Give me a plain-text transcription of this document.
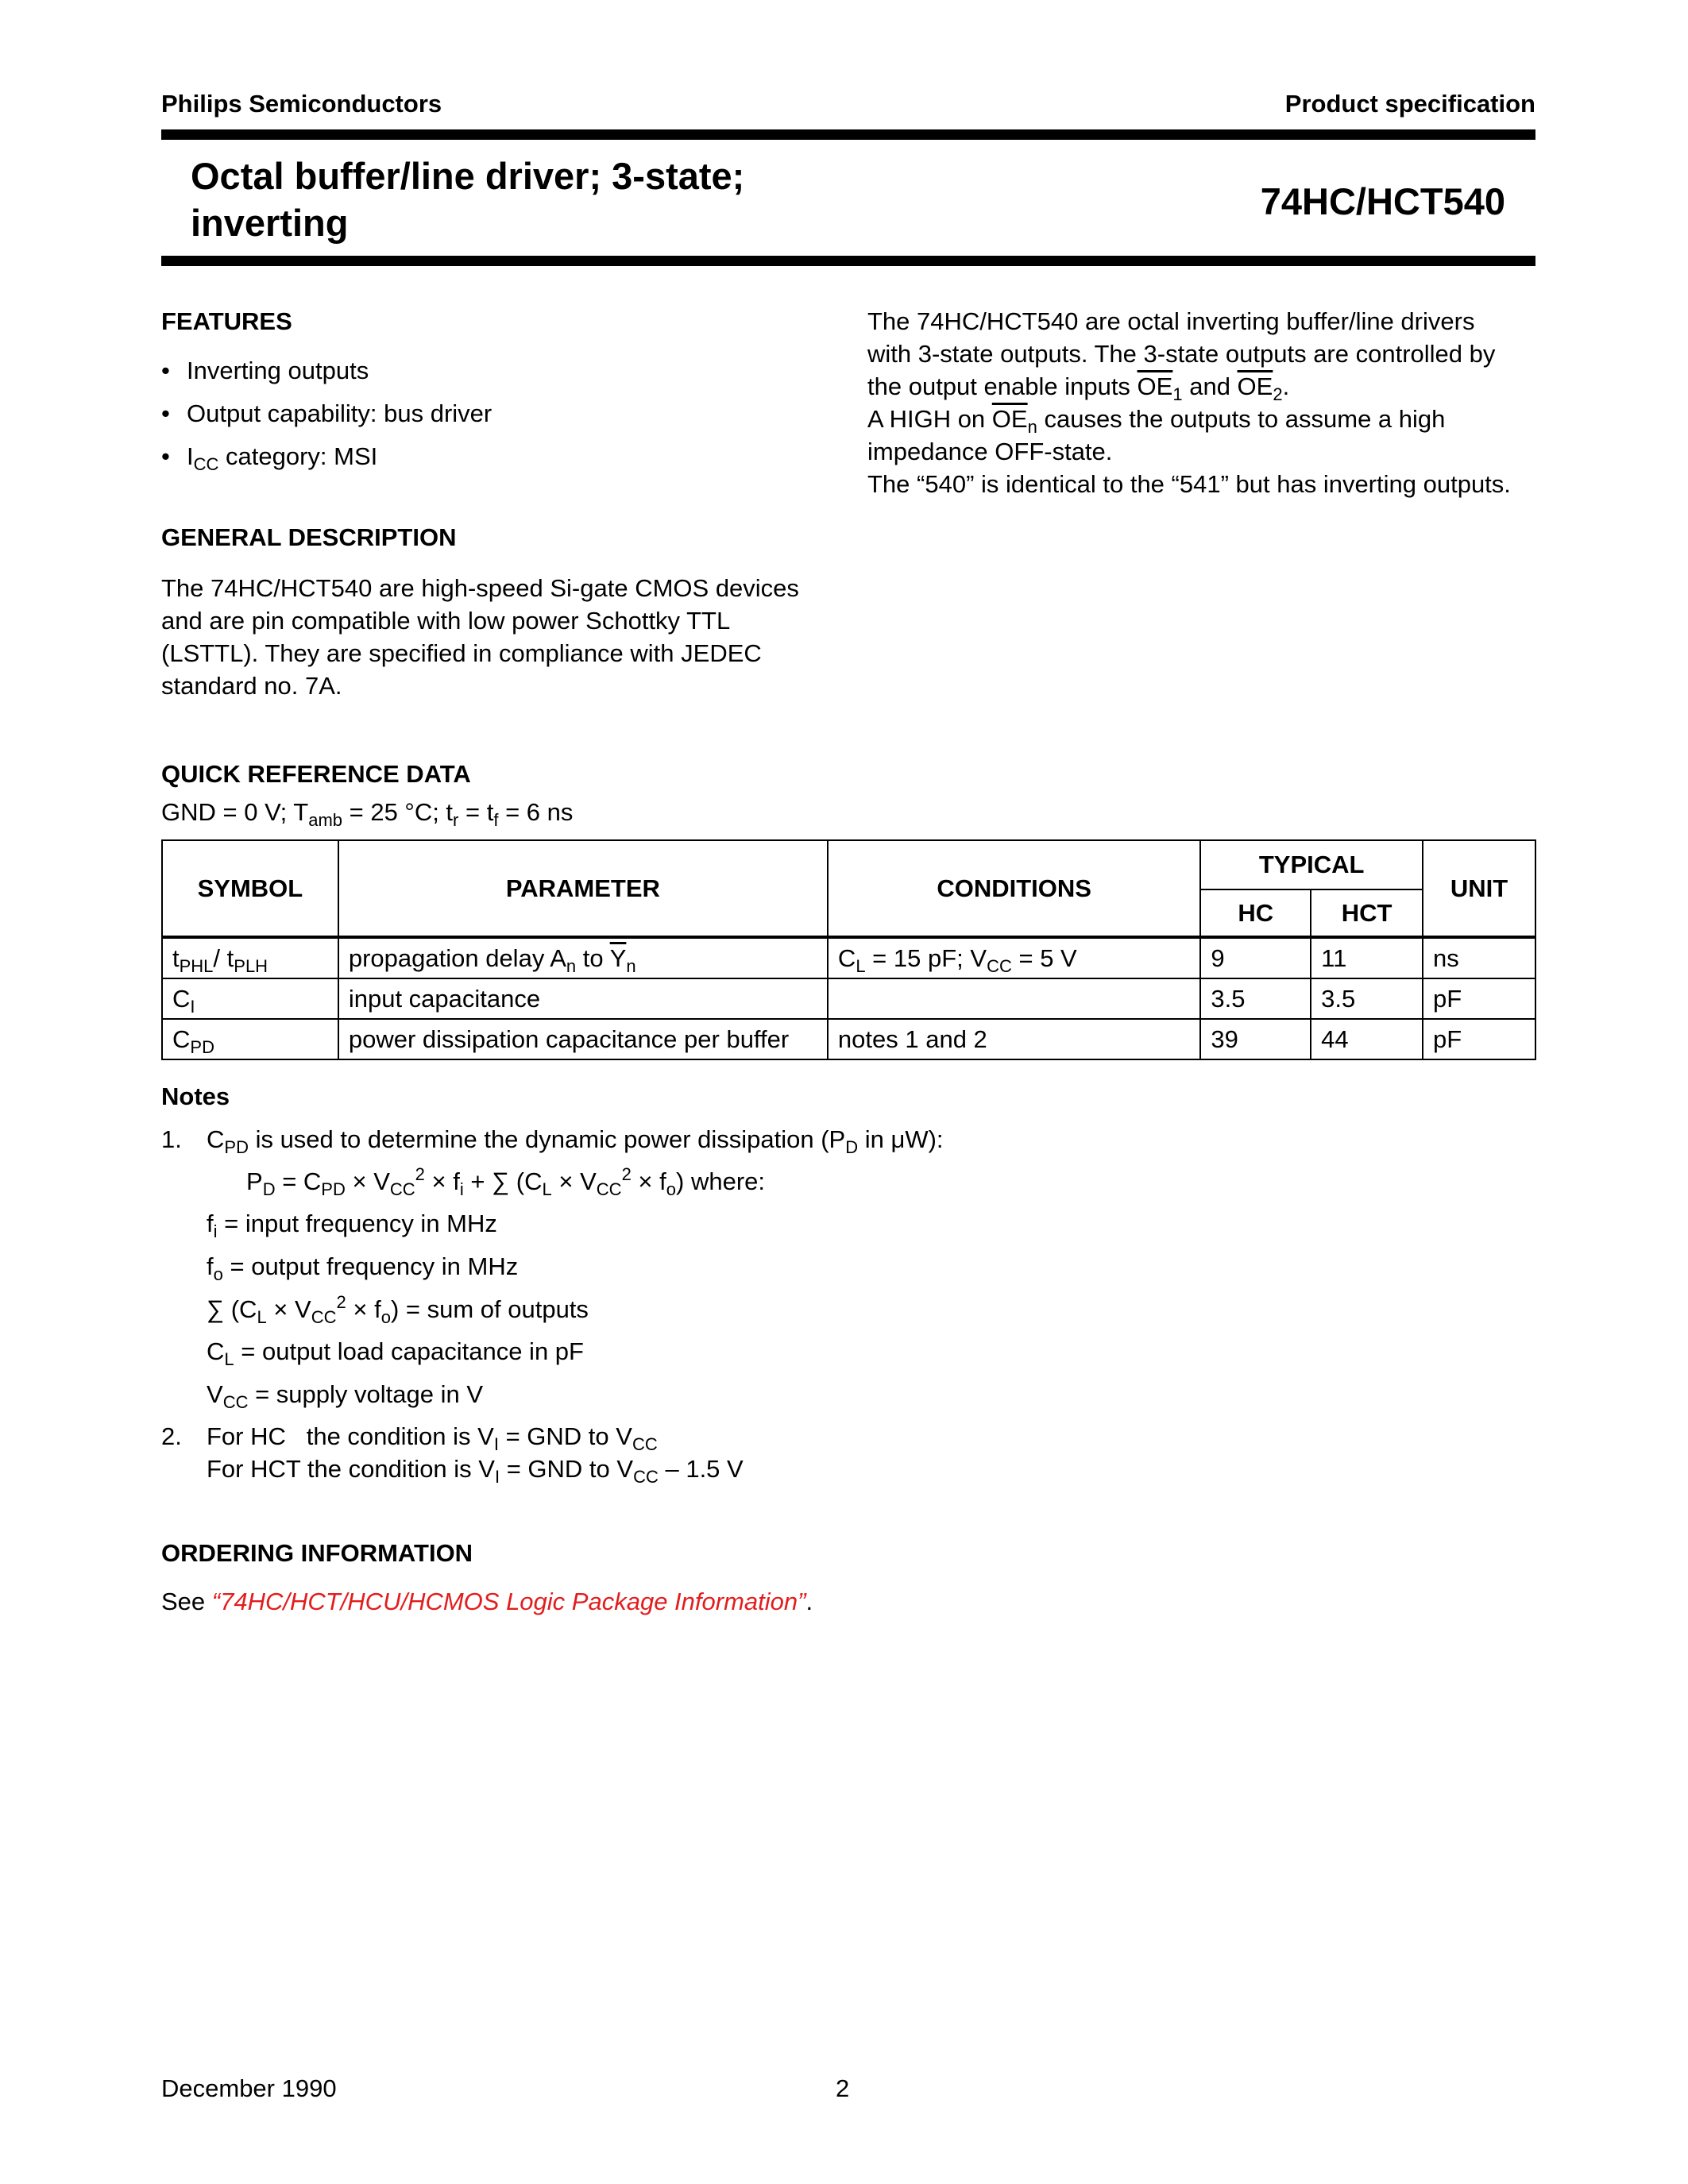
Philips Semiconductors	Product specification
Octal buffer/line driver; 3-state;
inverting
74HC/HCT540
FEATURES
• Inverting outputs
• Output capability: bus driver
• $I_{CC}$ category: MSI
GENERAL DESCRIPTION
The 74HC/HCT540 are high-speed Si-gate CMOS devices
and are pin compatible with low power Schottky TTL
(LSTTL). They are specified in compliance with JEDEC
standard no. 7A.
The 74HC/HCT540 are octal inverting buffer/line drivers
with 3-state outputs. The 3-state outputs are controlled by
the output enable inputs $\overline{OE}_1$ and $\overline{OE}_2$.
A HIGH on $\overline{OE}_n$ causes the outputs to assume a high
impedance OFF-state.
The “540” is identical to the “541” but has inverting outputs.
QUICK REFERENCE DATA
GND = 0 V; $T_{amb} = 25$ °C; $t_r = t_f = 6$ ns
SYMBOL	PARAMETER	CONDITIONS	TYPICAL		UNIT
			HC	HCT	
$t_{PHL}/$ $t_{PLH}$	propagation delay $A_n$ to $\overline{Y}_n$	$C_L = 15$ pF; $V_{CC} = 5$ V	9	11	ns
$C_I$	input capacitance		3.5	3.5	pF
$C_{PD}$	power dissipation capacitance per buffer	notes 1 and 2	39	44	pF
Notes
1. $C_{PD}$ is used to determine the dynamic power dissipation ($P_D$ in μW):
$P_D = C_{PD} \times V_{CC}^2 \times f_i$ + ∑ $(C_L \times V_{CC}^2 \times f_o)$ where:
$f_i$ = input frequency in MHz
$f_o$ = output frequency in MHz
∑ $(C_L \times V_{CC}^2 \times f_o)$ = sum of outputs
$C_L$ = output load capacitance in pF
$V_{CC}$ = supply voltage in V
2. For HC   the condition is $V_I$ = GND to $V_{CC}$
For HCT the condition is $V_I$ = GND to $V_{CC} - 1.5$ V
ORDERING INFORMATION
See “74HC/HCT/HCU/HCMOS Logic Package Information”.
December 1990	2
